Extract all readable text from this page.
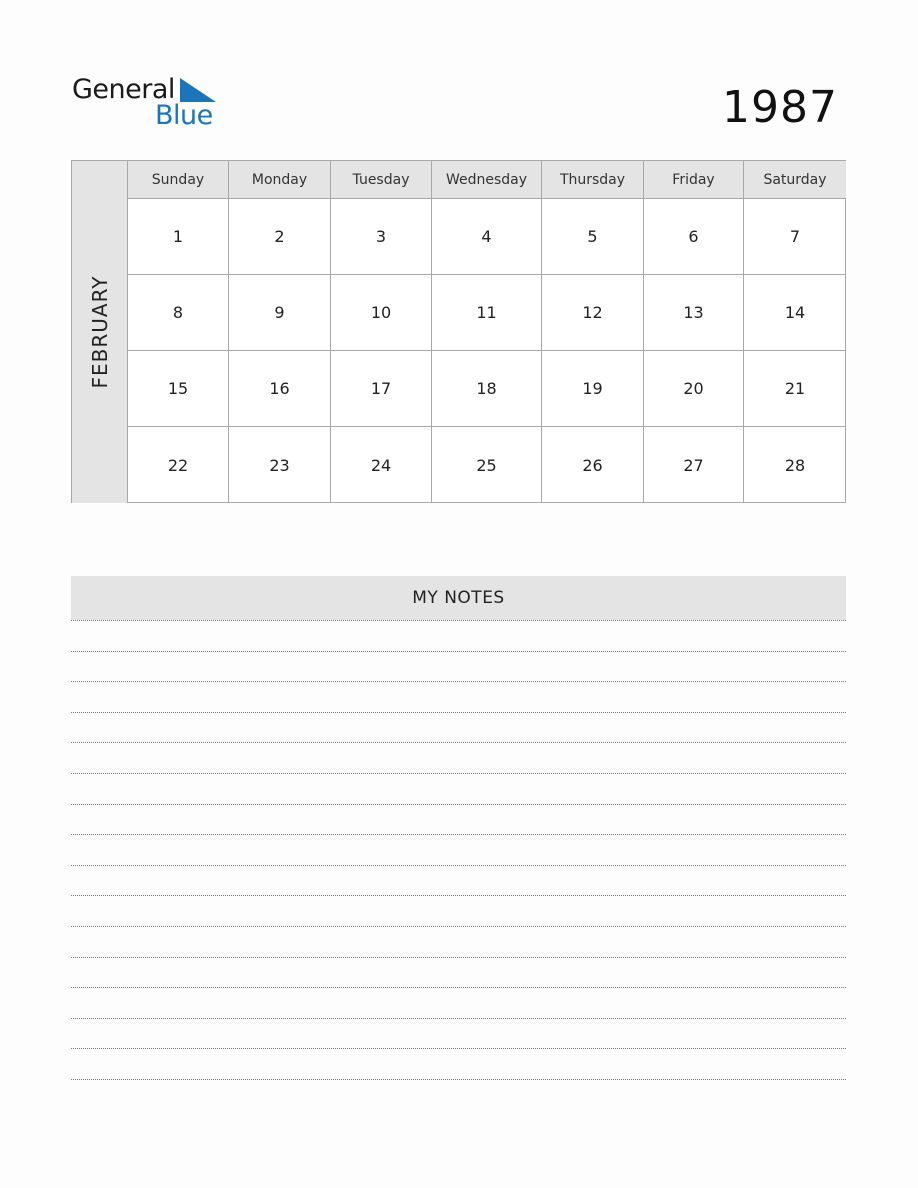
General
Blue	1987
FEBRUARY
Sunday	Monday	Tuesday	Wednesday	Thursday	Friday	Saturday
1	2	3	4	5	6	7
8	9	10	11	12	13	14
15	16	17	18	19	20	21
22	23	24	25	26	27	28
MY NOTES
